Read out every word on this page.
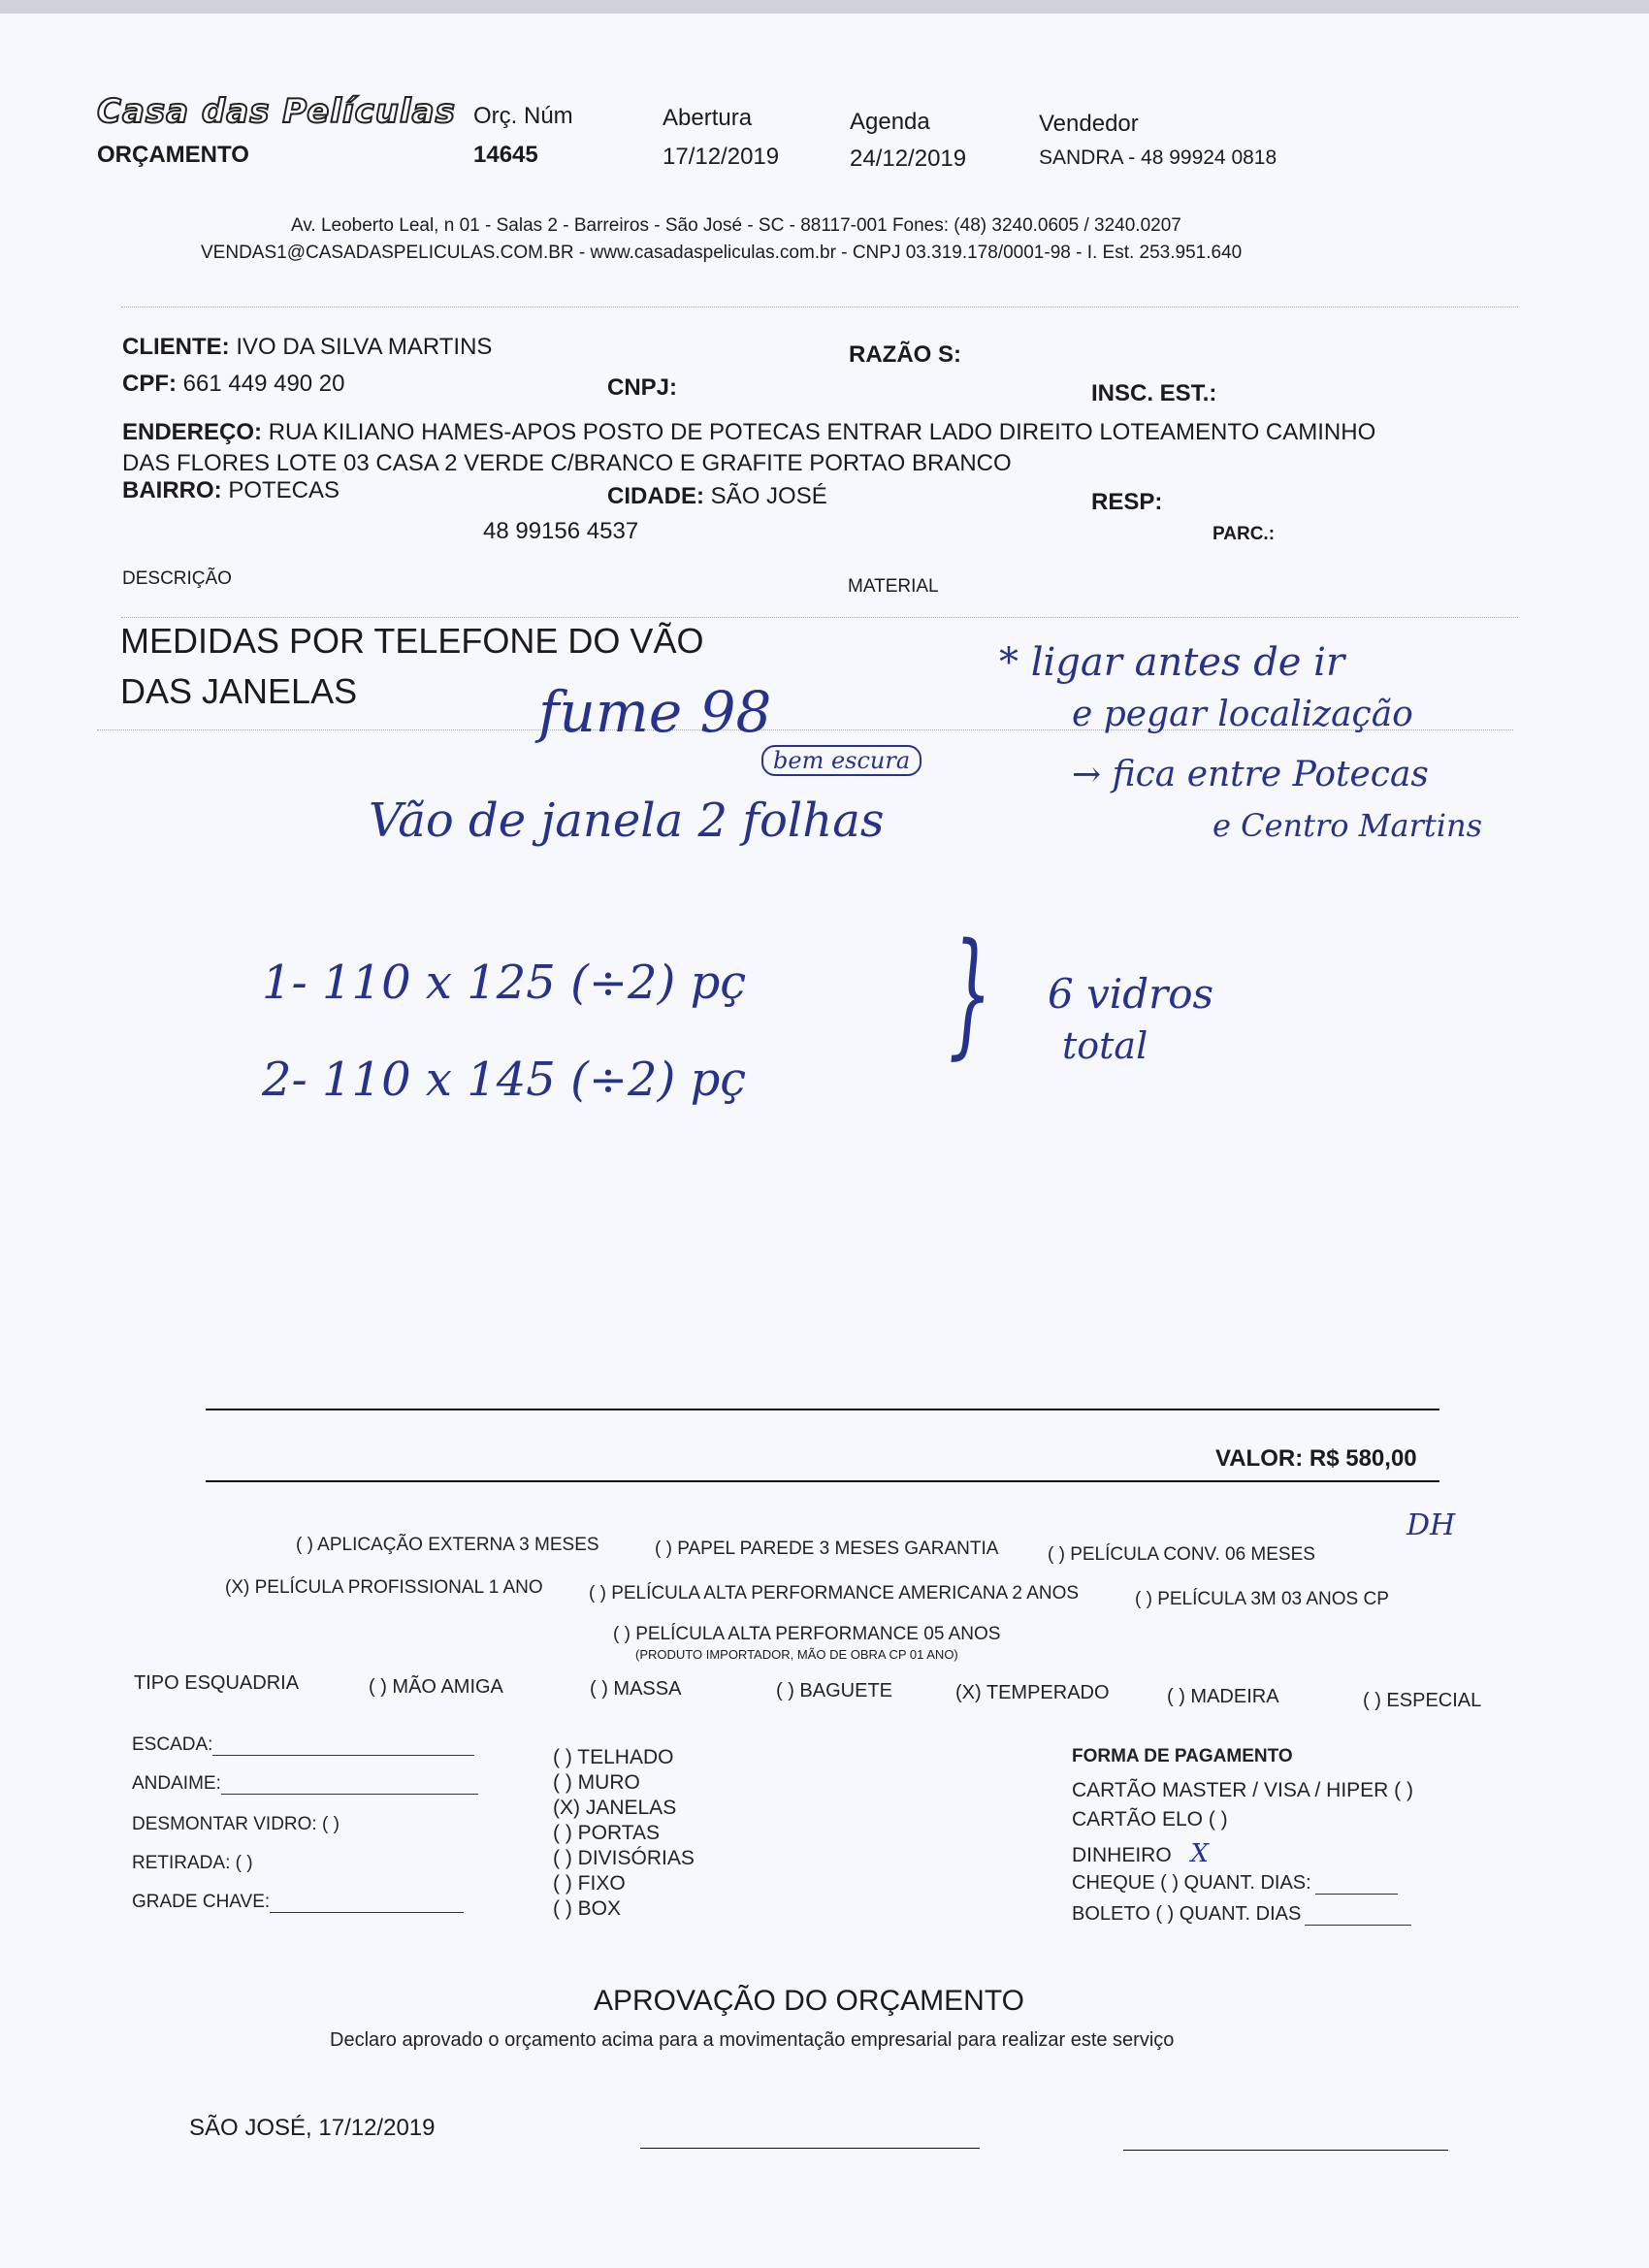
Casa das Películas
ORÇAMENTO
Orç. Núm
14645
Abertura
17/12/2019
Agenda
24/12/2019
Vendedor
SANDRA - 48 99924 0818
Av. Leoberto Leal, n 01 - Salas 2 - Barreiros - São José - SC - 88117-001 Fones: (48) 3240.0605 / 3240.0207
VENDAS1@CASADASPELICULAS.COM.BR - www.casadaspeliculas.com.br - CNPJ 03.319.178/0001-98 - I. Est. 253.951.640
CLIENTE: IVO DA SILVA MARTINS	RAZÃO S:
CPF: 661 449 490 20	CNPJ:	INSC. EST.:
ENDEREÇO: RUA KILIANO HAMES-APOS POSTO DE POTECAS ENTRAR LADO DIREITO LOTEAMENTO CAMINHO
DAS FLORES LOTE 03 CASA 2 VERDE C/BRANCO E GRAFITE PORTAO BRANCO
BAIRRO: POTECAS	CIDADE: SÃO JOSÉ	RESP:
48 99156 4537	PARC.:
DESCRIÇÃO	MATERIAL
MEDIDAS POR TELEFONE DO VÃO
DAS JANELAS
* ligar antes de ir
e pegar localização
→ fica entre Potecas
e Centro Martins
fume 98
bem escura
Vão de janela 2 folhas
1- 110 x 125 (÷2) pç
2- 110 x 145 (÷2) pç
} 6 vidros
total
VALOR: R$ 580,00
DH
( ) APLICAÇÃO EXTERNA 3 MESES	( ) PAPEL PAREDE 3 MESES GARANTIA	( ) PELÍCULA CONV. 06 MESES
(X) PELÍCULA PROFISSIONAL 1 ANO ( ) PELÍCULA ALTA PERFORMANCE AMERICANA 2 ANOS	( ) PELÍCULA 3M 03 ANOS CP
( ) PELÍCULA ALTA PERFORMANCE 05 ANOS
(PRODUTO IMPORTADOR, MÃO DE OBRA CP 01 ANO)
TIPO ESQUADRIA	( ) MÃO AMIGA	( ) MASSA	( ) BAGUETE	(X) TEMPERADO	( ) MADEIRA	( ) ESPECIAL
ESCADA:
ANDAIME:
DESMONTAR VIDRO: ( )
RETIRADA: ( )
GRADE CHAVE:
( ) TELHADO
( ) MURO
(X) JANELAS
( ) PORTAS
( ) DIVISÓRIAS
( ) FIXO
( ) BOX
FORMA DE PAGAMENTO
CARTÃO MASTER / VISA / HIPER ( )
CARTÃO ELO ( )
DINHEIRO X
CHEQUE ( ) QUANT. DIAS:
BOLETO ( ) QUANT. DIAS
APROVAÇÃO DO ORÇAMENTO
Declaro aprovado o orçamento acima para a movimentação empresarial para realizar este serviço
SÃO JOSÉ, 17/12/2019
